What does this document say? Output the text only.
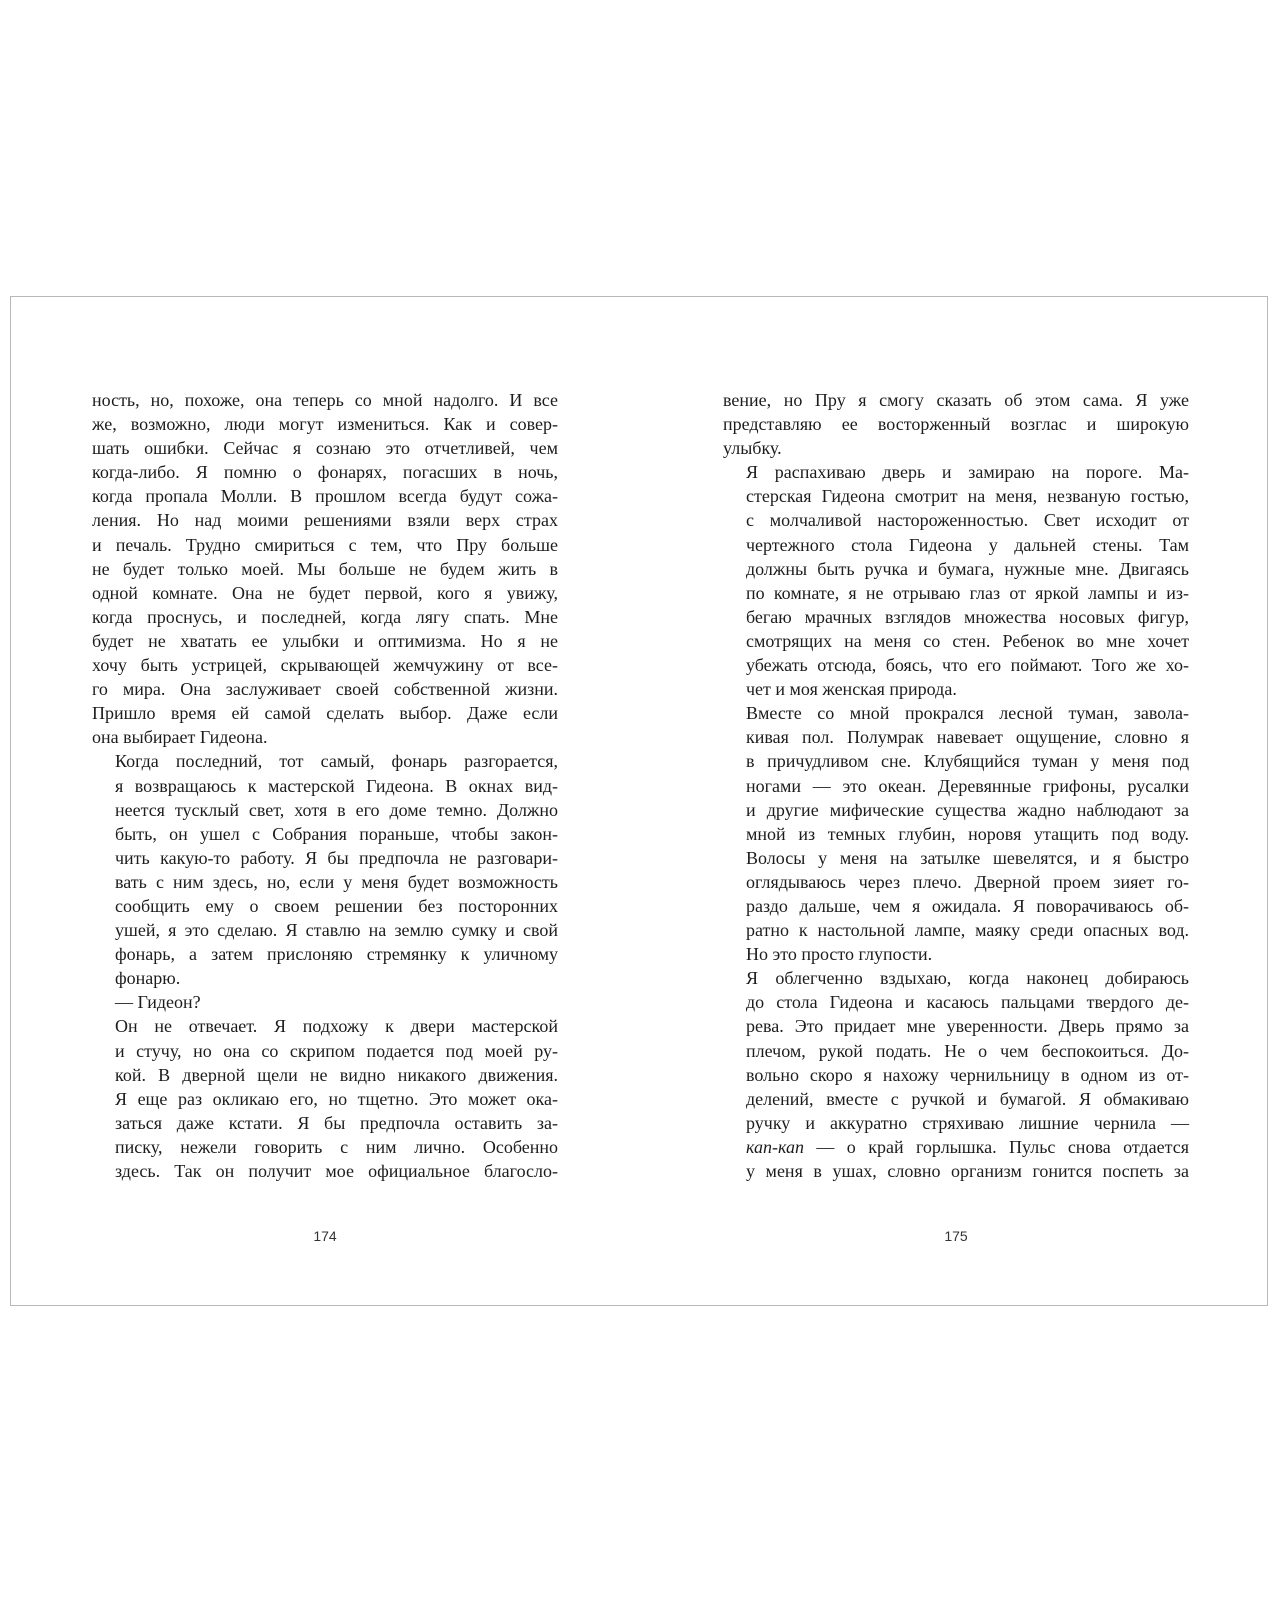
ность, но, похоже, она теперь со мной надолго. И все
же, возможно, люди могут измениться. Как и совер-
шать ошибки. Сейчас я сознаю это отчетливей, чем
когда-либо. Я помню о фонарях, погасших в ночь,
когда пропала Молли. В прошлом всегда будут сожа-
ления. Но над моими решениями взяли верх страх
и печаль. Трудно смириться с тем, что Пру больше
не будет только моей. Мы больше не будем жить в
одной комнате. Она не будет первой, кого я увижу,
когда проснусь, и последней, когда лягу спать. Мне
будет не хватать ее улыбки и оптимизма. Но я не
хочу быть устрицей, скрывающей жемчужину от все-
го мира. Она заслуживает своей собственной жизни.
Пришло время ей самой сделать выбор. Даже если
она выбирает Гидеона.

Когда последний, тот самый, фонарь разгорается,
я возвращаюсь к мастерской Гидеона. В окнах вид-
неется тусклый свет, хотя в его доме темно. Должно
быть, он ушел с Собрания пораньше, чтобы закон-
чить какую-то работу. Я бы предпочла не разговари-
вать с ним здесь, но, если у меня будет возможность
сообщить ему о своем решении без посторонних
ушей, я это сделаю. Я ставлю на землю сумку и свой
фонарь, а затем прислоняю стремянку к уличному
фонарю.

— Гидеон?

Он не отвечает. Я подхожу к двери мастерской
и стучу, но она со скрипом подается под моей ру-
кой. В дверной щели не видно никакого движения.
Я еще раз окликаю его, но тщетно. Это может ока-
заться даже кстати. Я бы предпочла оставить за-
писку, нежели говорить с ним лично. Особенно
здесь. Так он получит мое официальное благосло-

174

вение, но Пру я смогу сказать об этом сама. Я уже
представляю ее восторженный возглас и широкую
улыбку.

Я распахиваю дверь и замираю на пороге. Ма-
стерская Гидеона смотрит на меня, незваную гостью,
с молчаливой настороженностью. Свет исходит от
чертежного стола Гидеона у дальней стены. Там
должны быть ручка и бумага, нужные мне. Двигаясь
по комнате, я не отрываю глаз от яркой лампы и из-
бегаю мрачных взглядов множества носовых фигур,
смотрящих на меня со стен. Ребенок во мне хочет
убежать отсюда, боясь, что его поймают. Того же хо-
чет и моя женская природа.

Вместе со мной прокрался лесной туман, завола-
кивая пол. Полумрак навевает ощущение, словно я
в причудливом сне. Клубящийся туман у меня под
ногами — это океан. Деревянные грифоны, русалки
и другие мифические существа жадно наблюдают за
мной из темных глубин, норовя утащить под воду.
Волосы у меня на затылке шевелятся, и я быстро
оглядываюсь через плечо. Дверной проем зияет го-
раздо дальше, чем я ожидала. Я поворачиваюсь об-
ратно к настольной лампе, маяку среди опасных вод.
Но это просто глупости.

Я облегченно вздыхаю, когда наконец добираюсь
до стола Гидеона и касаюсь пальцами твердого де-
рева. Это придает мне уверенности. Дверь прямо за
плечом, рукой подать. Не о чем беспокоиться. До-
вольно скоро я нахожу чернильницу в одном из от-
делений, вместе с ручкой и бумагой. Я обмакиваю
ручку и аккуратно стряхиваю лишние чернила —
кап-кап — о край горлышка. Пульс снова отдается
у меня в ушах, словно организм гонится поспеть за

175
